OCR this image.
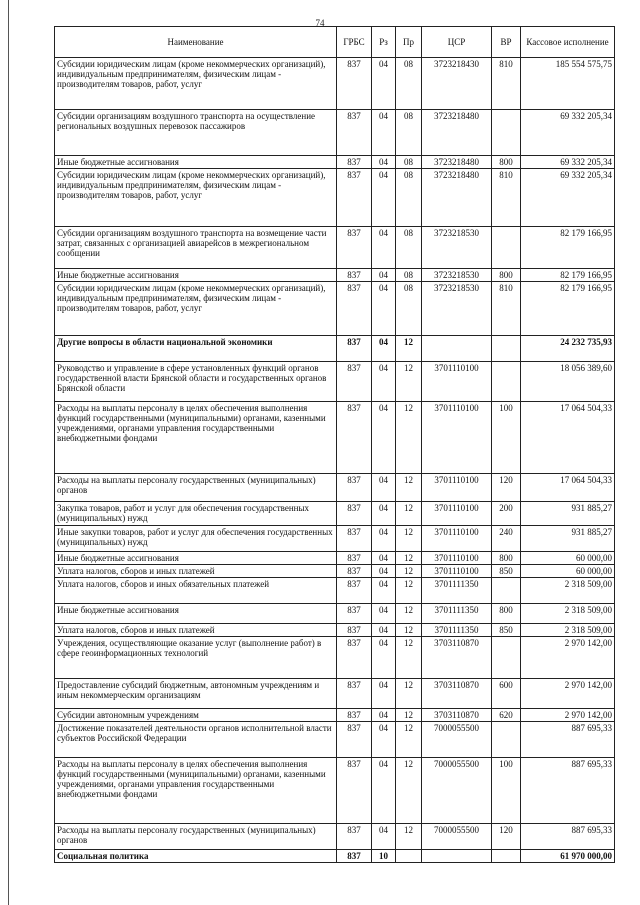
74
Наименование	ГРБС	Рз	Пр	ЦСР	ВР	Кассовое исполнение
Субсидии юридическим лицам (кроме некоммерческих организаций), индивидуальным предпринимателям, физическим лицам - производителям товаров, работ, услуг	837	04	08	3723218430	810	185 554 575,75
Субсидии организациям воздушного транспорта на осуществление региональных воздушных перевозок пассажиров	837	04	08	3723218480		69 332 205,34
Иные бюджетные ассигнования	837	04	08	3723218480	800	69 332 205,34
Субсидии юридическим лицам (кроме некоммерческих организаций), индивидуальным предпринимателям, физическим лицам - производителям товаров, работ, услуг	837	04	08	3723218480	810	69 332 205,34
Субсидии организациям воздушного транспорта на возмещение части затрат, связанных с организацией авиарейсов в межрегиональном сообщении	837	04	08	3723218530		82 179 166,95
Иные бюджетные ассигнования	837	04	08	3723218530	800	82 179 166,95
Субсидии юридическим лицам (кроме некоммерческих организаций), индивидуальным предпринимателям, физическим лицам - производителям товаров, работ, услуг	837	04	08	3723218530	810	82 179 166,95
Другие вопросы в области национальной экономики	837	04	12			24 232 735,93
Руководство и управление в сфере установленных функций органов государственной власти Брянской области и государственных органов Брянской области	837	04	12	3701110100		18 056 389,60
Расходы на выплаты персоналу в целях обеспечения выполнения функций государственными (муниципальными) органами, казенными учреждениями, органами управления государственными внебюджетными фондами	837	04	12	3701110100	100	17 064 504,33
Расходы на выплаты персоналу государственных (муниципальных) органов	837	04	12	3701110100	120	17 064 504,33
Закупка товаров, работ и услуг для обеспечения государственных (муниципальных) нужд	837	04	12	3701110100	200	931 885,27
Иные закупки товаров, работ и услуг для обеспечения государственных (муниципальных) нужд	837	04	12	3701110100	240	931 885,27
Иные бюджетные ассигнования	837	04	12	3701110100	800	60 000,00
Уплата налогов, сборов и иных платежей	837	04	12	3701110100	850	60 000,00
Уплата налогов, сборов и иных обязательных платежей	837	04	12	3701111350		2 318 509,00
Иные бюджетные ассигнования	837	04	12	3701111350	800	2 318 509,00
Уплата налогов, сборов и иных платежей	837	04	12	3701111350	850	2 318 509,00
Учреждения, осуществляющие оказание услуг (выполнение работ) в сфере геоинформационных технологий	837	04	12	3703110870		2 970 142,00
Предоставление субсидий бюджетным, автономным учреждениям и иным некоммерческим организациям	837	04	12	3703110870	600	2 970 142,00
Субсидии автономным учреждениям	837	04	12	3703110870	620	2 970 142,00
Достижение показателей деятельности органов исполнительной власти субъектов Российской Федерации	837	04	12	7000055500		887 695,33
Расходы на выплаты персоналу в целях обеспечения выполнения функций государственными (муниципальными) органами, казенными учреждениями, органами управления государственными внебюджетными фондами	837	04	12	7000055500	100	887 695,33
Расходы на выплаты персоналу государственных (муниципальных) органов	837	04	12	7000055500	120	887 695,33
Социальная политика	837	10				61 970 000,00
